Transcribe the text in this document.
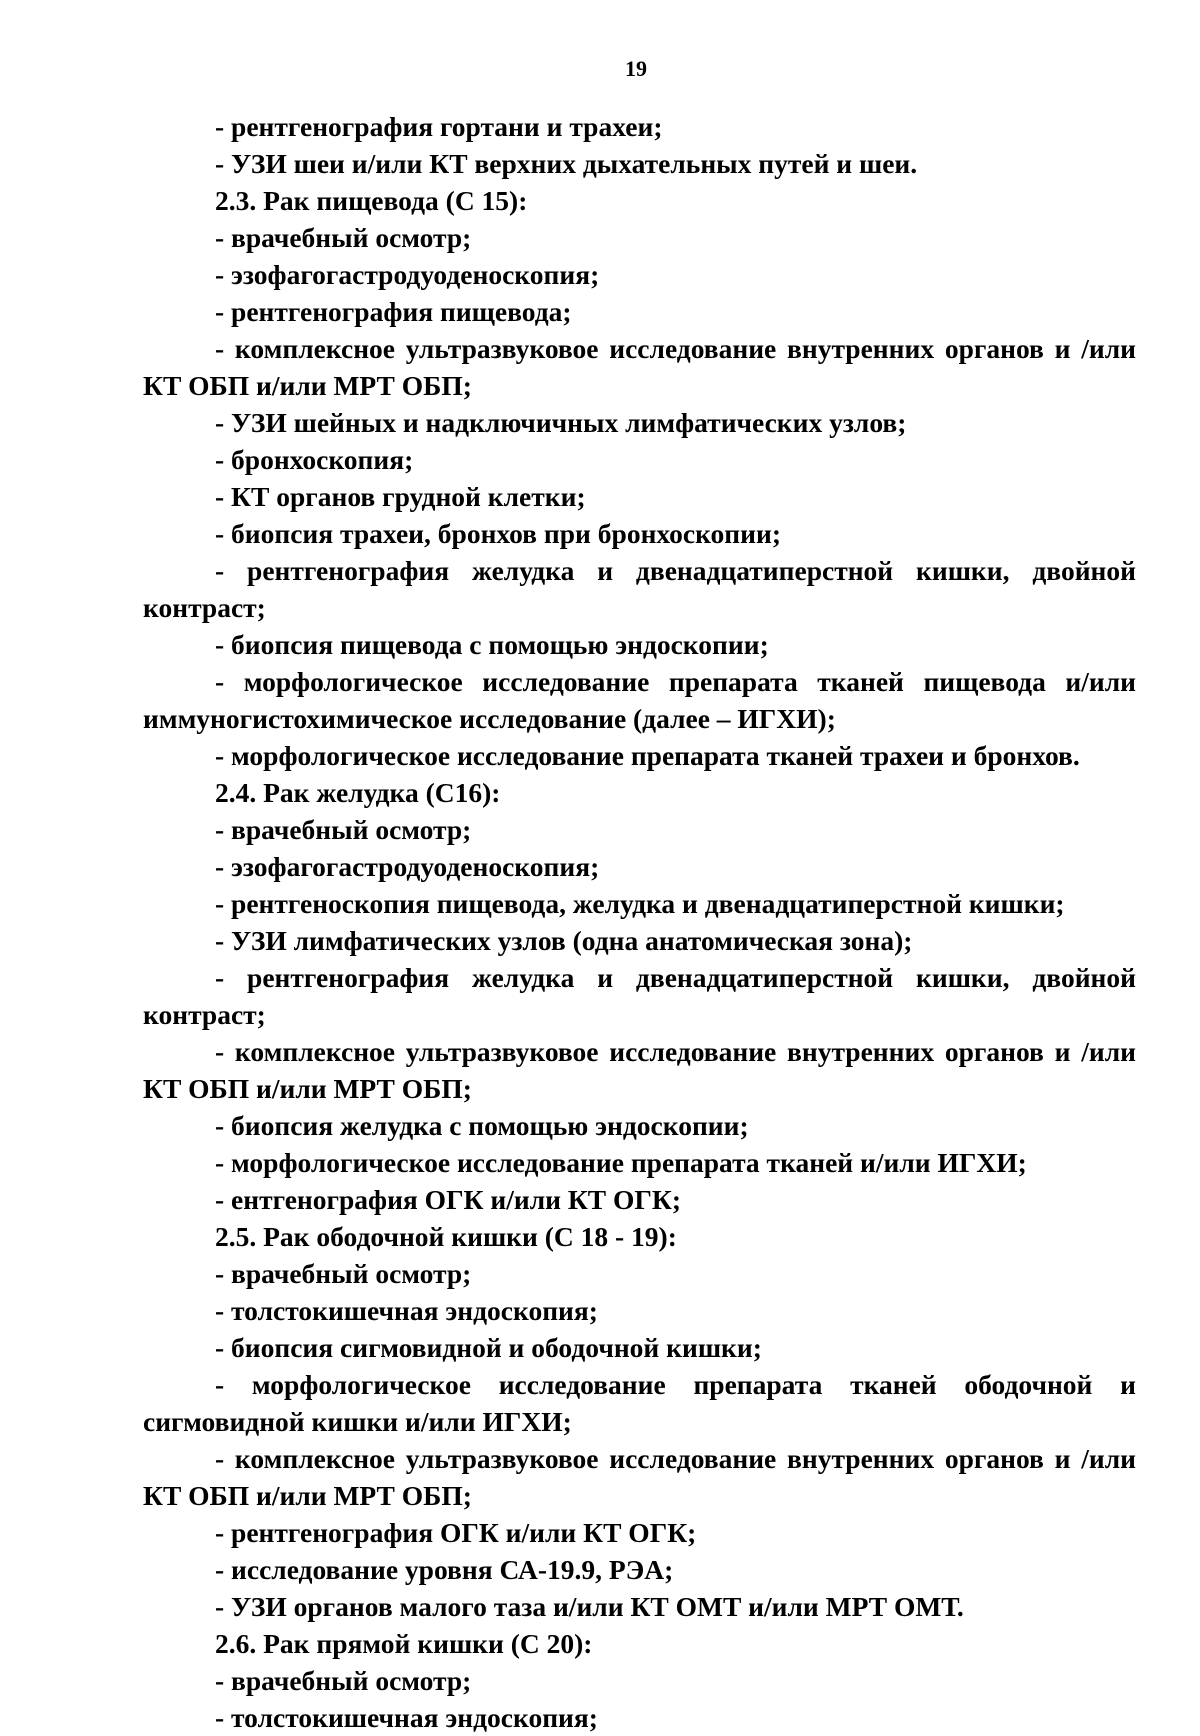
19
- рентгенография гортани и трахеи;
- УЗИ шеи и/или КТ верхних дыхательных путей и шеи.
2.3. Рак пищевода (С 15):
- врачебный осмотр;
- эзофагогастродуоденоскопия;
- рентгенография пищевода;
- комплексное ультразвуковое исследование внутренних органов и /или
КТ ОБП и/или МРТ ОБП;
- УЗИ шейных и надключичных лимфатических узлов;
- бронхоскопия;
- КТ органов грудной клетки;
- биопсия трахеи, бронхов при бронхоскопии;
- рентгенография желудка и двенадцатиперстной кишки, двойной
контраст;
- биопсия пищевода с помощью эндоскопии;
- морфологическое исследование препарата тканей пищевода и/или
иммуногистохимическое исследование (далее – ИГХИ);
- морфологическое исследование препарата тканей трахеи и бронхов.
2.4. Рак желудка (С16):
- врачебный осмотр;
- эзофагогастродуоденоскопия;
- рентгеноскопия пищевода, желудка и двенадцатиперстной кишки;
- УЗИ лимфатических узлов (одна анатомическая зона);
- рентгенография желудка и двенадцатиперстной кишки, двойной
контраст;
- комплексное ультразвуковое исследование внутренних органов и /или
КТ ОБП и/или МРТ ОБП;
- биопсия желудка с помощью эндоскопии;
- морфологическое исследование препарата тканей и/или ИГХИ;
- ентгенография ОГК и/или КТ ОГК;
2.5. Рак ободочной кишки (С 18 - 19):
- врачебный осмотр;
- толстокишечная эндоскопия;
- биопсия сигмовидной и ободочной кишки;
- морфологическое исследование препарата тканей ободочной и
сигмовидной кишки и/или ИГХИ;
- комплексное ультразвуковое исследование внутренних органов и /или
КТ ОБП и/или МРТ ОБП;
- рентгенография ОГК и/или КТ ОГК;
- исследование уровня СА-19.9, РЭА;
- УЗИ органов малого таза и/или КТ ОМТ и/или МРТ ОМТ.
2.6. Рак прямой кишки (С 20):
- врачебный осмотр;
- толстокишечная эндоскопия;
